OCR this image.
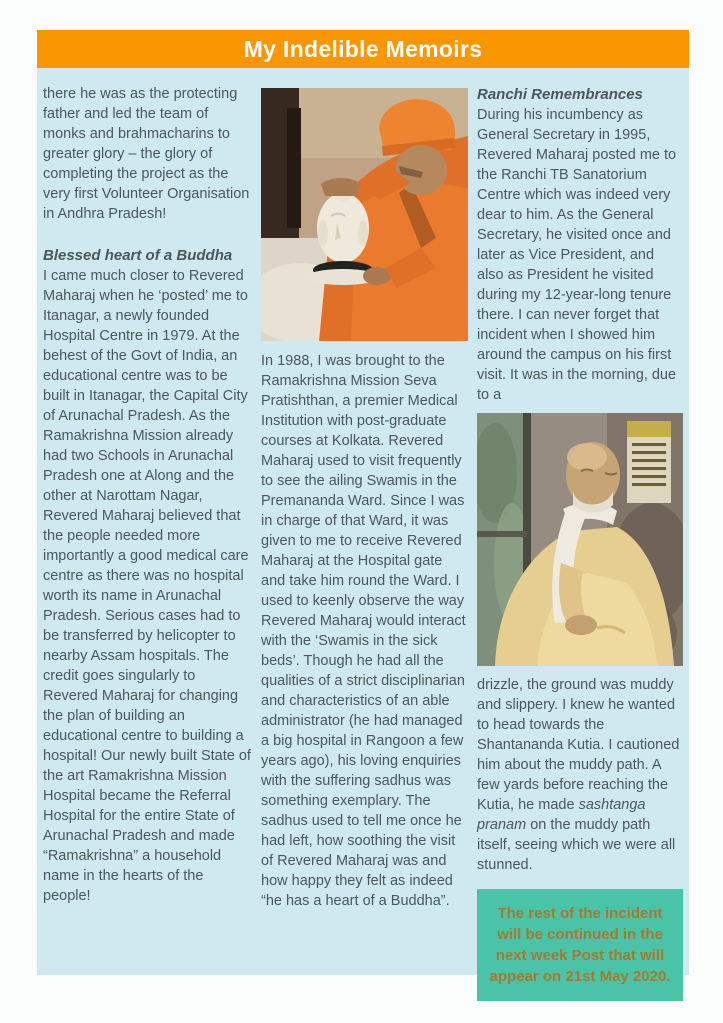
My Indelible Memoirs

there he was as the protecting father and led the team of monks and brahmacharins to greater glory – the glory of completing the project as the very first Volunteer Organisation in Andhra Pradesh!

Blessed heart of a Buddha

I came much closer to Revered Maharaj when he ‘posted’ me to Itanagar, a newly founded Hospital Centre in 1979. At the behest of the Govt of India, an educational centre was to be built in Itanagar, the Capital City of Arunachal Pradesh. As the Ramakrishna Mission already had two Schools in Arunachal Pradesh one at Along and the other at Narottam Nagar, Revered Maharaj believed that the people needed more importantly a good medical care centre as there was no hospital worth its name in Arunachal Pradesh. Serious cases had to be transferred by helicopter to nearby Assam hospitals. The credit goes singularly to Revered Maharaj for changing the plan of building an educational centre to building a hospital! Our newly built State of the art Ramakrishna Mission Hospital became the Referral Hospital for the entire State of Arunachal Pradesh and made “Ramakrishna” a household name in the hearts of the people!

In 1988, I was brought to the Ramakrishna Mission Seva Pratishthan, a premier Medical Institution with post-graduate courses at Kolkata. Revered Maharaj used to visit frequently to see the ailing Swamis in the Premananda Ward. Since I was in charge of that Ward, it was given to me to receive Revered Maharaj at the Hospital gate and take him round the Ward. I used to keenly observe the way Revered Maharaj would interact with the ‘Swamis in the sick beds’. Though he had all the qualities of a strict disciplinarian and characteristics of an able administrator (he had managed a big hospital in Rangoon a few years ago), his loving enquiries with the suffering sadhus was something exemplary. The sadhus used to tell me once he had left, how soothing the visit of Revered Maharaj was and how happy they felt as indeed “he has a heart of a Buddha”.

Ranchi Remembrances

During his incumbency as General Secretary in 1995, Revered Maharaj posted me to the Ranchi TB Sanatorium Centre which was indeed very dear to him. As the General Secretary, he visited once and later as Vice President, and also as President he visited during my 12-year-long tenure there. I can never forget that incident when I showed him around the campus on his first visit. It was in the morning, due to a

drizzle, the ground was muddy and slippery. I knew he wanted to head towards the Shantananda Kutia. I cautioned him about the muddy path. A few yards before reaching the Kutia, he made sashtanga pranam on the muddy path itself, seeing which we were all stunned.

The rest of the incident will be continued in the next week Post that will appear on 21st May 2020.
